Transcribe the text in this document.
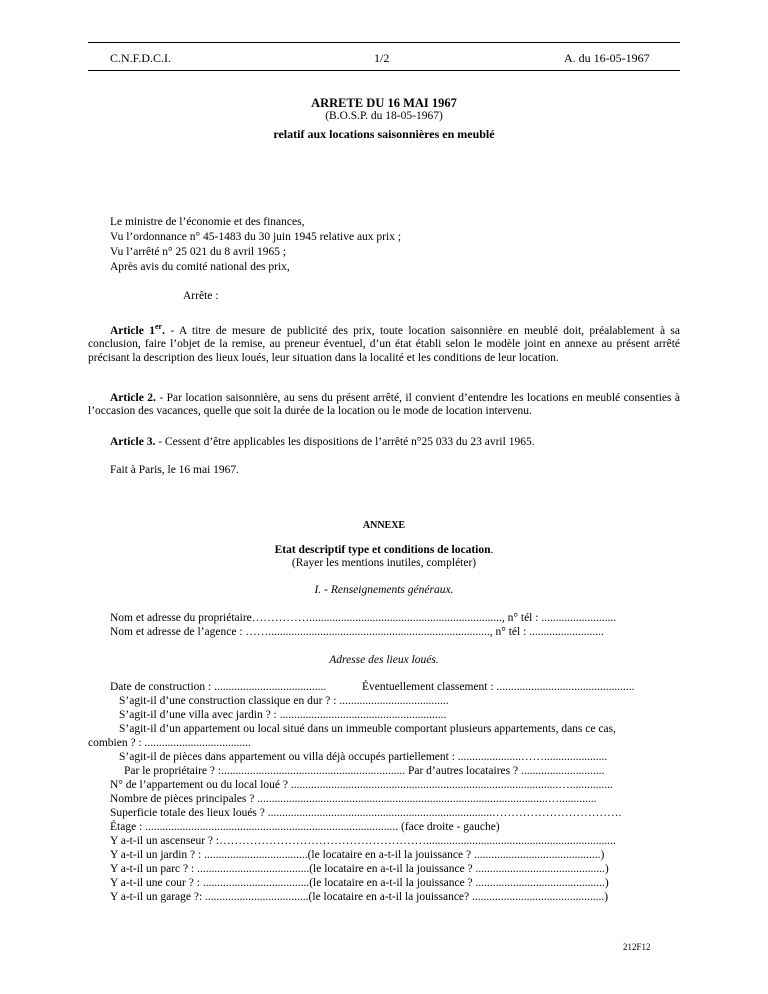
C.N.F.D.C.I.	1/2	A. du 16-05-1967
ARRETE DU 16 MAI 1967
(B.O.S.P. du 18-05-1967)
relatif aux locations saisonnières en meublé
Le ministre de l’économie et des finances,
Vu l’ordonnance n° 45-1483 du 30 juin 1945 relative aux prix ;
Vu l’arrêté n° 25 021 du 8 avril 1965 ;
Après avis du comité national des prix,
Arrête :
Article 1er. - A titre de mesure de publicité des prix, toute location saisonnière en meublé doit, préalablement à sa conclusion, faire l’objet de la remise, au preneur éventuel, d’un état établi selon le modèle joint en annexe au présent arrêté précisant la description des lieux loués, leur situation dans la localité et les conditions de leur location.
Article 2. - Par location saisonnière, au sens du présent arrêté, il convient d’entendre les locations en meublé consenties à l’occasion des vacances, quelle que soit la durée de la location ou le mode de location intervenu.
Article 3. - Cessent d’être applicables les dispositions de l’arrêté n°25 033 du 23 avril 1965.
Fait à Paris, le 16 mai 1967.
ANNEXE
Etat descriptif type et conditions de location.
(Rayer les mentions inutiles, compléter)
I. - Renseignements généraux.
Nom et adresse du propriétaire……………..................................................................., n° tél : ..........................
Nom et adresse de l’agence : ……............................................................................., n° tél : ..........................
Adresse des lieux loués.
Date de construction : .......................................	Éventuellement classement : ................................................
S’agit-il d’une construction classique en dur ? : ......................................
S’agit-il d’une villa avec jardin ? : ..........................................................
S’agit-il d’un appartement ou local situé dans un immeuble comportant plusieurs appartements, dans ce cas,
combien ? : .....................................
S’agit-il de pièces dans appartement ou villa déjà occupés partiellement : ......................……......................
Par le propriétaire ? :................................................................ Par d’autres locataires ? .............................
N° de l’appartement ou du local loué ? .............................................................................................…...............
Nombre de pièces principales ? .....................................................................................................….............
Superficie totale des lieux loués ? ..............................................................................…………………………….
Étage : ........................................................................................ (face droite - gauche)
Y a-t-il un ascenseur ? :………………………………………………..................................................................
Y a-t-il un jardin ? : ....................................(le locataire en a-t-il la jouissance ? ............................................)
Y a-t-il un parc ? : .......................................(le locataire en a-t-il la jouissance ? .............................................)
Y a-t-il une cour ? : .....................................(le locataire en a-t-il la jouissance ? .............................................)
Y a-t-il un garage ?: ....................................(le locataire en a-t-il la jouissance? ..............................................)
212F12
